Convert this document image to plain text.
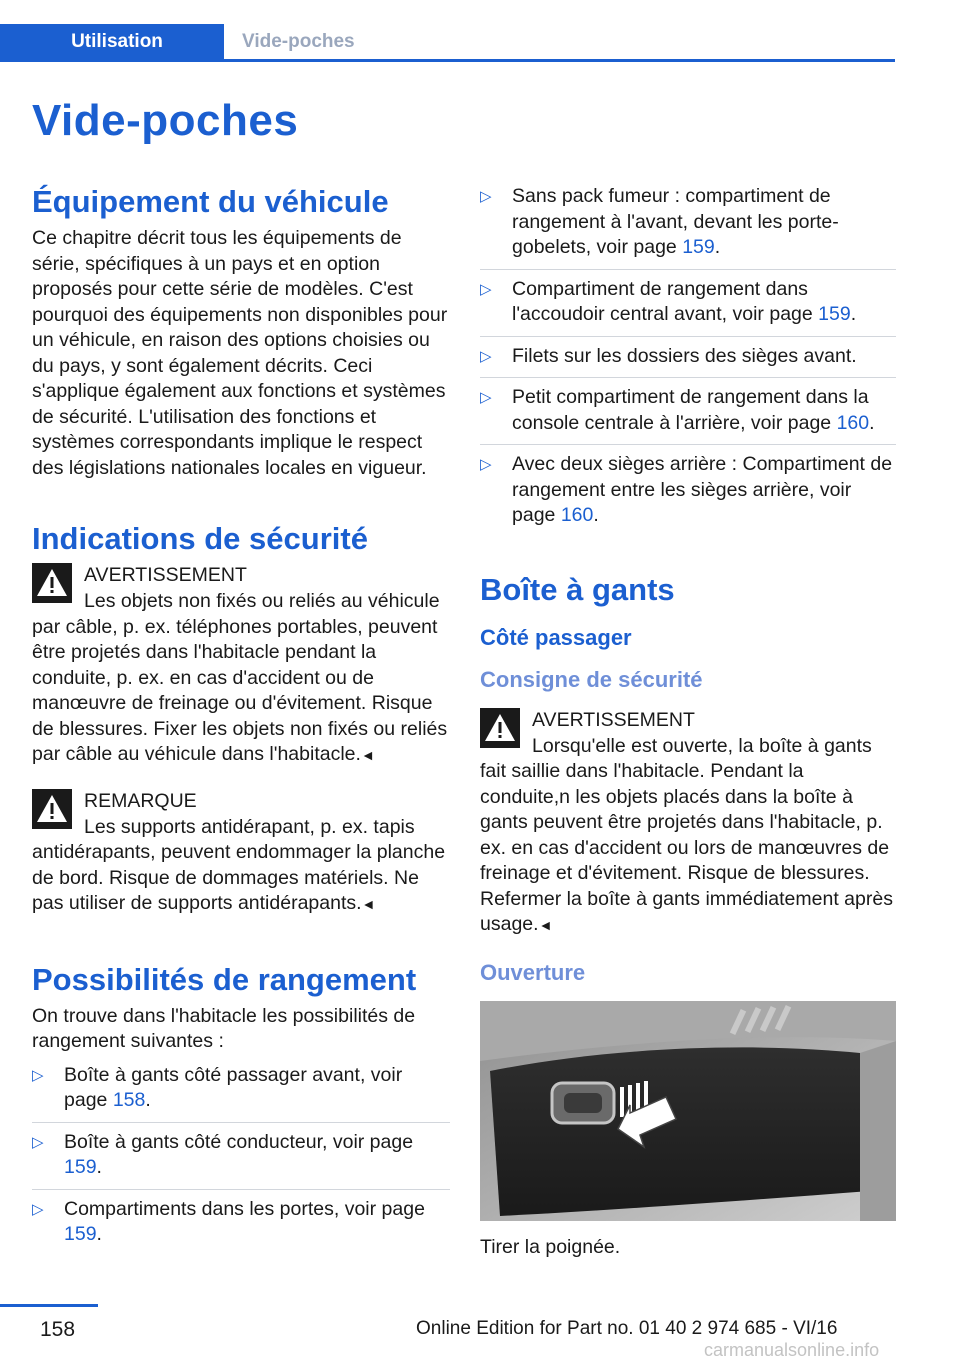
Utilisation	Vide-poches
Vide-poches
Équipement du véhicule

Ce chapitre décrit tous les équipements de série, spécifiques à un pays et en option proposés pour cette série de modèles. C'est pourquoi des équipements non disponibles pour un véhicule, en raison des options choisies ou du pays, y sont également décrits. Ceci s'applique également aux fonctions et systèmes de sécurité. L'utilisation des fonctions et systèmes correspondants implique le respect des législations nationales locales en vigueur.

Indications de sécurité
AVERTISSEMENT
Les objets non fixés ou reliés au véhicule

par câble, p. ex. téléphones portables, peuvent être projetés dans l'habitacle pendant la conduite, p. ex. en cas d'accident ou de manœuvre de freinage ou d'évitement. Risque de blessures. Fixer les objets non fixés ou reliés par câble au véhicule dans l'habitacle.◄

REMARQUE
Les supports antidérapant, p. ex. tapis

antidérapants, peuvent endommager la planche de bord. Risque de dommages matériels. Ne pas utiliser de supports antidérapants.◄

Possibilités de rangement

On trouve dans l'habitacle les possibilités de rangement suivantes :

▷ Boîte à gants côté passager avant, voir page 158.
▷ Boîte à gants côté conducteur, voir page 159.
▷ Compartiments dans les portes, voir page 159.
▷ Sans pack fumeur : compartiment de rangement à l'avant, devant les porte-gobelets, voir page 159.
▷ Compartiment de rangement dans l'accoudoir central avant, voir page 159.
▷ Filets sur les dossiers des sièges avant.
▷ Petit compartiment de rangement dans la console centrale à l'arrière, voir page 160.
▷ Avec deux sièges arrière : Compartiment de rangement entre les sièges arrière, voir page 160.
Boîte à gants
Côté passager
Consigne de sécurité
AVERTISSEMENT
Lorsqu'elle est ouverte, la boîte à gants

fait saillie dans l'habitacle. Pendant la conduite,n les objets placés dans la boîte à gants peuvent être projetés dans l'habitacle, p. ex. en cas d'accident ou lors de manœuvres de freinage et d'évitement. Risque de blessures. Refermer la boîte à gants immédiatement après usage.◄

Ouverture

Tirer la poignée.

158	Online Edition for Part no. 01 40 2 974 685 - VI/16
carmanualsonline.info
